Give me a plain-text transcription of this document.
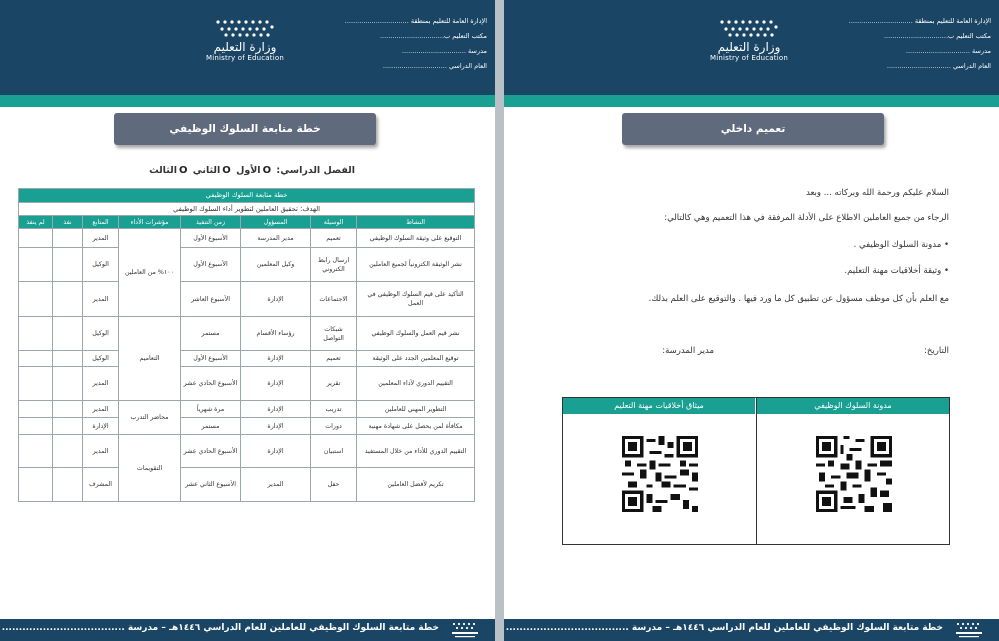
وزارة التعليم
Ministry of Education
الإدارة العامة للتعليم بمنطقة ...............................
مكتب التعليم ب...............................
مدرسة ...............................
العام الدراسي ...............................
خطة متابعة السلوك الوظيفي
الفصل الدراسي: Oالأول Oالثاني Oالثالث
خطة متابعة السلوك الوظيفي							
الهدف: تحقيق العاملين لتطوير أداء السلوك الوظيفي							
النشاط	الوسيلة	المسؤول	زمن التنفيذ	مؤشرات الأداء	المتابع	نفذ	لم ينفذ
التوقيع على وثيقة السلوك الوظيفي	تعميم	مدير المدرسة	الأسبوع الأول	١٠٠% من العاملين	المدير		
نشر الوثيقة الكترونياً لجميع العاملين	ارسال رابط الكتروني	وكيل المعلمين	الأسبوع الأول		الوكيل		
التأكيد على قيم السلوك الوظيفي في العمل	الاجتماعات	الإدارة	الأسبوع العاشر		المدير		
نشر قيم العمل والسلوك الوظيفي	شبكات التواصل	رؤساء الأقسام	مستمر	التعاميم	الوكيل		
توقيع المعلمين الجدد على الوثيقة	تعميم	الإدارة	الأسبوع الأول		الوكيل		
التقييم الدوري لأداء المعلمين	تقرير	الإدارة	الأسبوع الحادي عشر		المدير		
التطوير المهني للعاملين	تدريب	الإدارة	مرة شهرياً	محاضر التدرب	المدير		
مكافأة لمن يحصل على شهادة مهنية	دورات	الإدارة	مستمر		الإدارة		
التقييم الدوري للأداء من خلال المستفيد	استبيان	الإدارة	الأسبوع الحادي عشر	التقويمات	المدير		
تكريم لأفضل العاملين	حفل	المدير	الأسبوع الثاني عشر		المشرف		
خطة متابعة السلوك الوظيفي للعاملين للعام الدراسي ١٤٤٦هـ – مدرسة ....................................
وزارة التعليم
Ministry of Education
الإدارة العامة للتعليم بمنطقة ...............................
مكتب التعليم ب...............................
مدرسة ...............................
العام الدراسي ...............................
تعميم داخلي
السلام عليكم ورحمة الله وبركاته ... وبعد
الرجاء من جميع العاملين الاطلاع على الأدلة المرفقة في هذا التعميم وهي كالتالي:
• مدونة السلوك الوظيفي .
• وثيقة أخلاقيات مهنة التعليم.
مع العلم بأن كل موظف مسؤول عن تطبيق كل ما ورد فيها . والتوقيع على العلم بذلك.
التاريخ:
مدير المدرسة:
مدونة السلوك الوظيفي
ميثاق أخلاقيات مهنة التعليم
خطة متابعة السلوك الوظيفي للعاملين للعام الدراسي ١٤٤٦هـ – مدرسة ....................................
